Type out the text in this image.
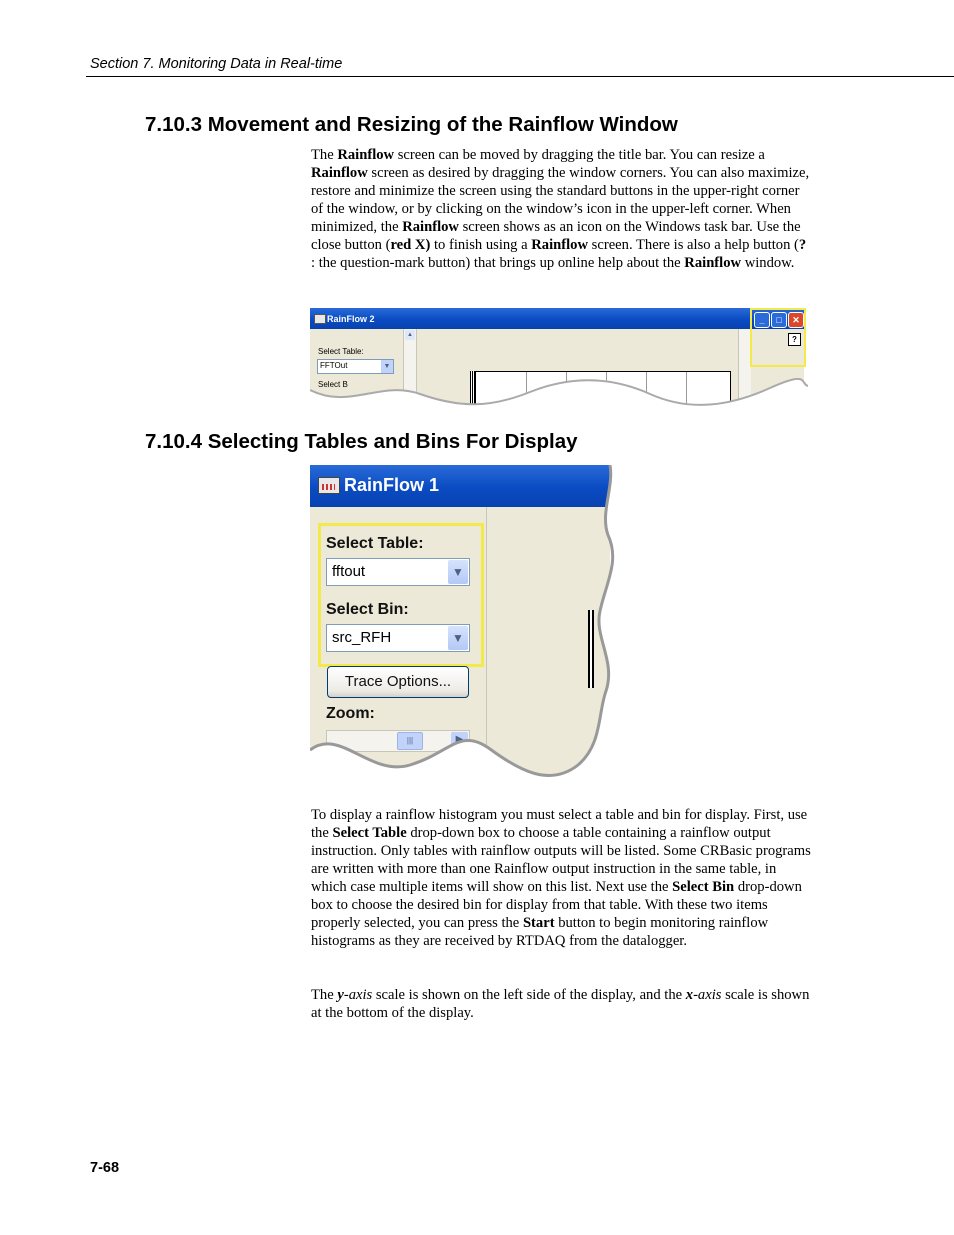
Section 7. Monitoring Data in Real-time
7.10.3 Movement and Resizing of the Rainflow Window

The Rainflow screen can be moved by dragging the title bar. You can resize a Rainflow screen as desired by dragging the window corners. You can also maximize, restore and minimize the screen using the standard buttons in the upper-right corner of the window, or by clicking on the window’s icon in the upper-left corner. When minimized, the Rainflow screen shows as an icon on the Windows task bar. Use the close button (red X) to finish using a Rainflow screen. There is also a help button (? : the question-mark button) that brings up online help about the Rainflow window.

RainFlow 2	_	□	✕
Select Table:
FFTOut	▼
Select B
▲	?
7.10.4 Selecting Tables and Bins For Display
RainFlow 1
Select Table:
fftout	▼
Select Bin:
src_RFH	▼
Trace Options...
Zoom:
|||	▶

To display a rainflow histogram you must select a table and bin for display. First, use the Select Table drop-down box to choose a table containing a rainflow output instruction. Only tables with rainflow outputs will be listed. Some CRBasic programs are written with more than one Rainflow output instruction in the same table, in which case multiple items will show on this list. Next use the Select Bin drop-down box to choose the desired bin for display from that table. With these two items properly selected, you can press the Start button to begin monitoring rainflow histograms as they are received by RTDAQ from the datalogger.

The y-axis scale is shown on the left side of the display, and the x-axis scale is shown at the bottom of the display.

7-68
